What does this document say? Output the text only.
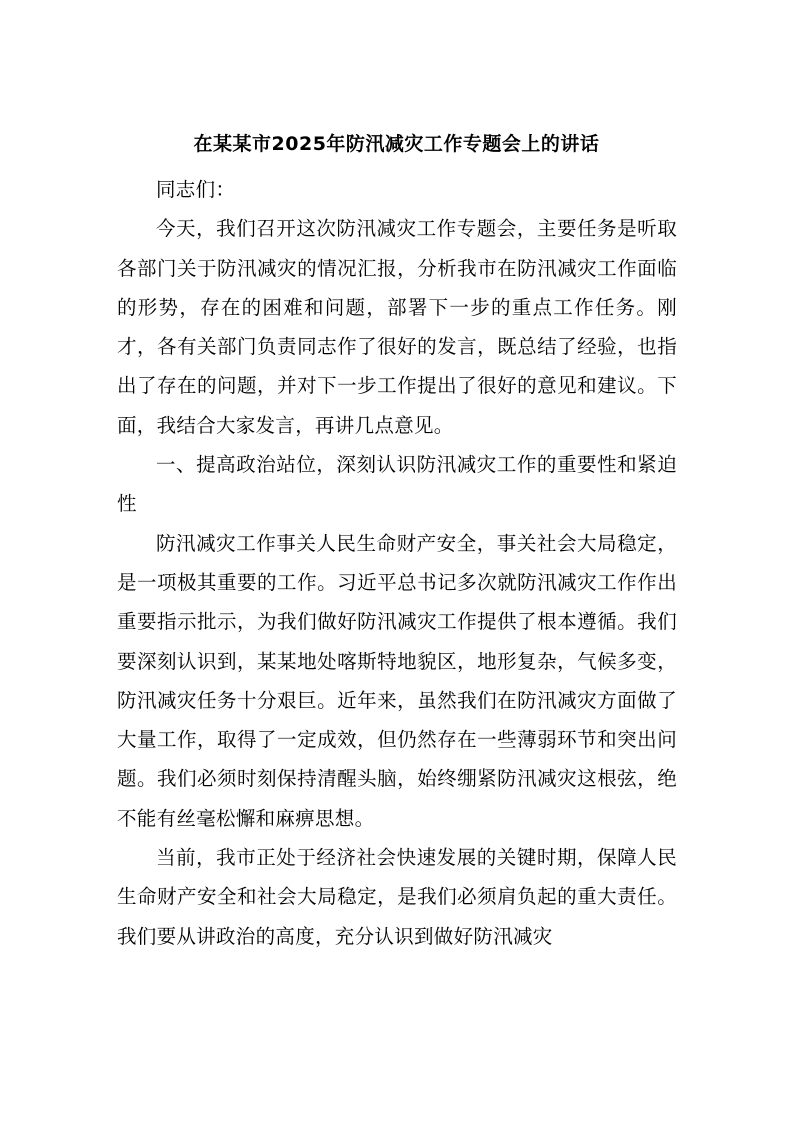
在某某市2025年防汛减灾工作专题会上的讲话

同志们：

今天，我们召开这次防汛减灾工作专题会，主要任务是听取各部门关于防汛减灾的情况汇报，分析我市在防汛减灾工作面临的形势，存在的困难和问题，部署下一步的重点工作任务。刚才，各有关部门负责同志作了很好的发言，既总结了经验，也指出了存在的问题，并对下一步工作提出了很好的意见和建议。下面，我结合大家发言，再讲几点意见。

一、提高政治站位，深刻认识防汛减灾工作的重要性和紧迫性

防汛减灾工作事关人民生命财产安全，事关社会大局稳定，是一项极其重要的工作。习近平总书记多次就防汛减灾工作作出重要指示批示，为我们做好防汛减灾工作提供了根本遵循。我们要深刻认识到，某某地处喀斯特地貌区，地形复杂，气候多变，防汛减灾任务十分艰巨。近年来，虽然我们在防汛减灾方面做了大量工作，取得了一定成效，但仍然存在一些薄弱环节和突出问题。我们必须时刻保持清醒头脑，始终绷紧防汛减灾这根弦，绝不能有丝毫松懈和麻痹思想。

当前，我市正处于经济社会快速发展的关键时期，保障人民生命财产安全和社会大局稳定，是我们必须肩负起的重大责任。我们要从讲政治的高度，充分认识到做好防汛减灾
